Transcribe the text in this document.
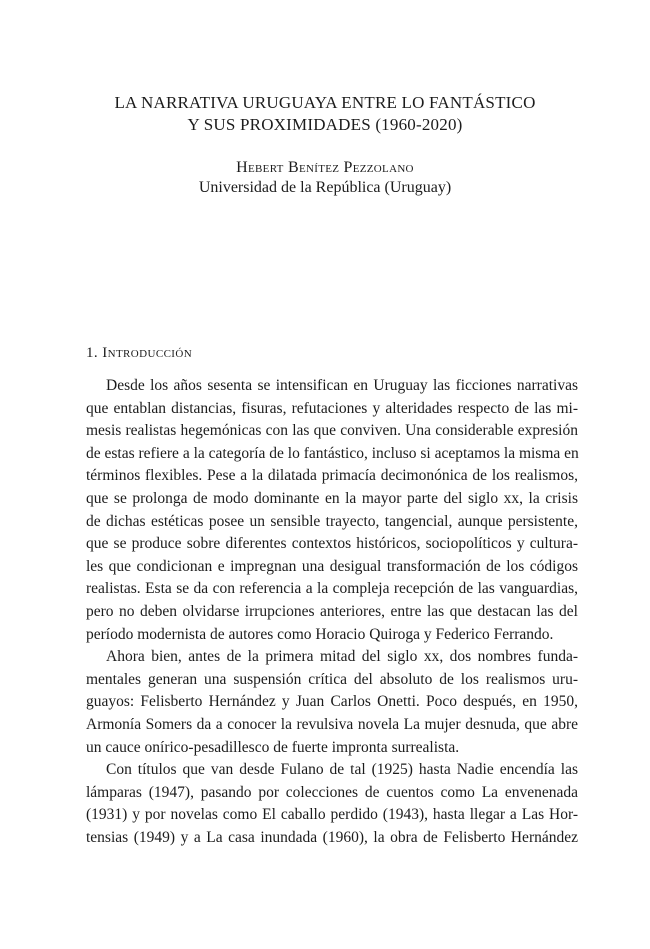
LA NARRATIVA URUGUAYA ENTRE LO FANTÁSTICO
Y SUS PROXIMIDADES (1960-2020)
Hebert Benítez Pezzolano
Universidad de la República (Uruguay)
1. Introducción

Desde los años sesenta se intensifican en Uruguay las ficciones narrativas
que entablan distancias, fisuras, refutaciones y alteridades respecto de las mi-
mesis realistas hegemónicas con las que conviven. Una considerable expresión
de estas refiere a la categoría de lo fantástico, incluso si aceptamos la misma en
términos flexibles. Pese a la dilatada primacía decimonónica de los realismos,
que se prolonga de modo dominante en la mayor parte del siglo xx, la crisis
de dichas estéticas posee un sensible trayecto, tangencial, aunque persistente,
que se produce sobre diferentes contextos históricos, sociopolíticos y cultura-
les que condicionan e impregnan una desigual transformación de los códigos
realistas. Esta se da con referencia a la compleja recepción de las vanguardias,
pero no deben olvidarse irrupciones anteriores, entre las que destacan las del
período modernista de autores como Horacio Quiroga y Federico Ferrando.

Ahora bien, antes de la primera mitad del siglo xx, dos nombres funda-
mentales generan una suspensión crítica del absoluto de los realismos uru-
guayos: Felisberto Hernández y Juan Carlos Onetti. Poco después, en 1950,
Armonía Somers da a conocer la revulsiva novela La mujer desnuda, que abre
un cauce onírico-pesadillesco de fuerte impronta surrealista.

Con títulos que van desde Fulano de tal (1925) hasta Nadie encendía las
lámparas (1947), pasando por colecciones de cuentos como La envenenada
(1931) y por novelas como El caballo perdido (1943), hasta llegar a Las Hor-
tensias (1949) y a La casa inundada (1960), la obra de Felisberto Hernández
